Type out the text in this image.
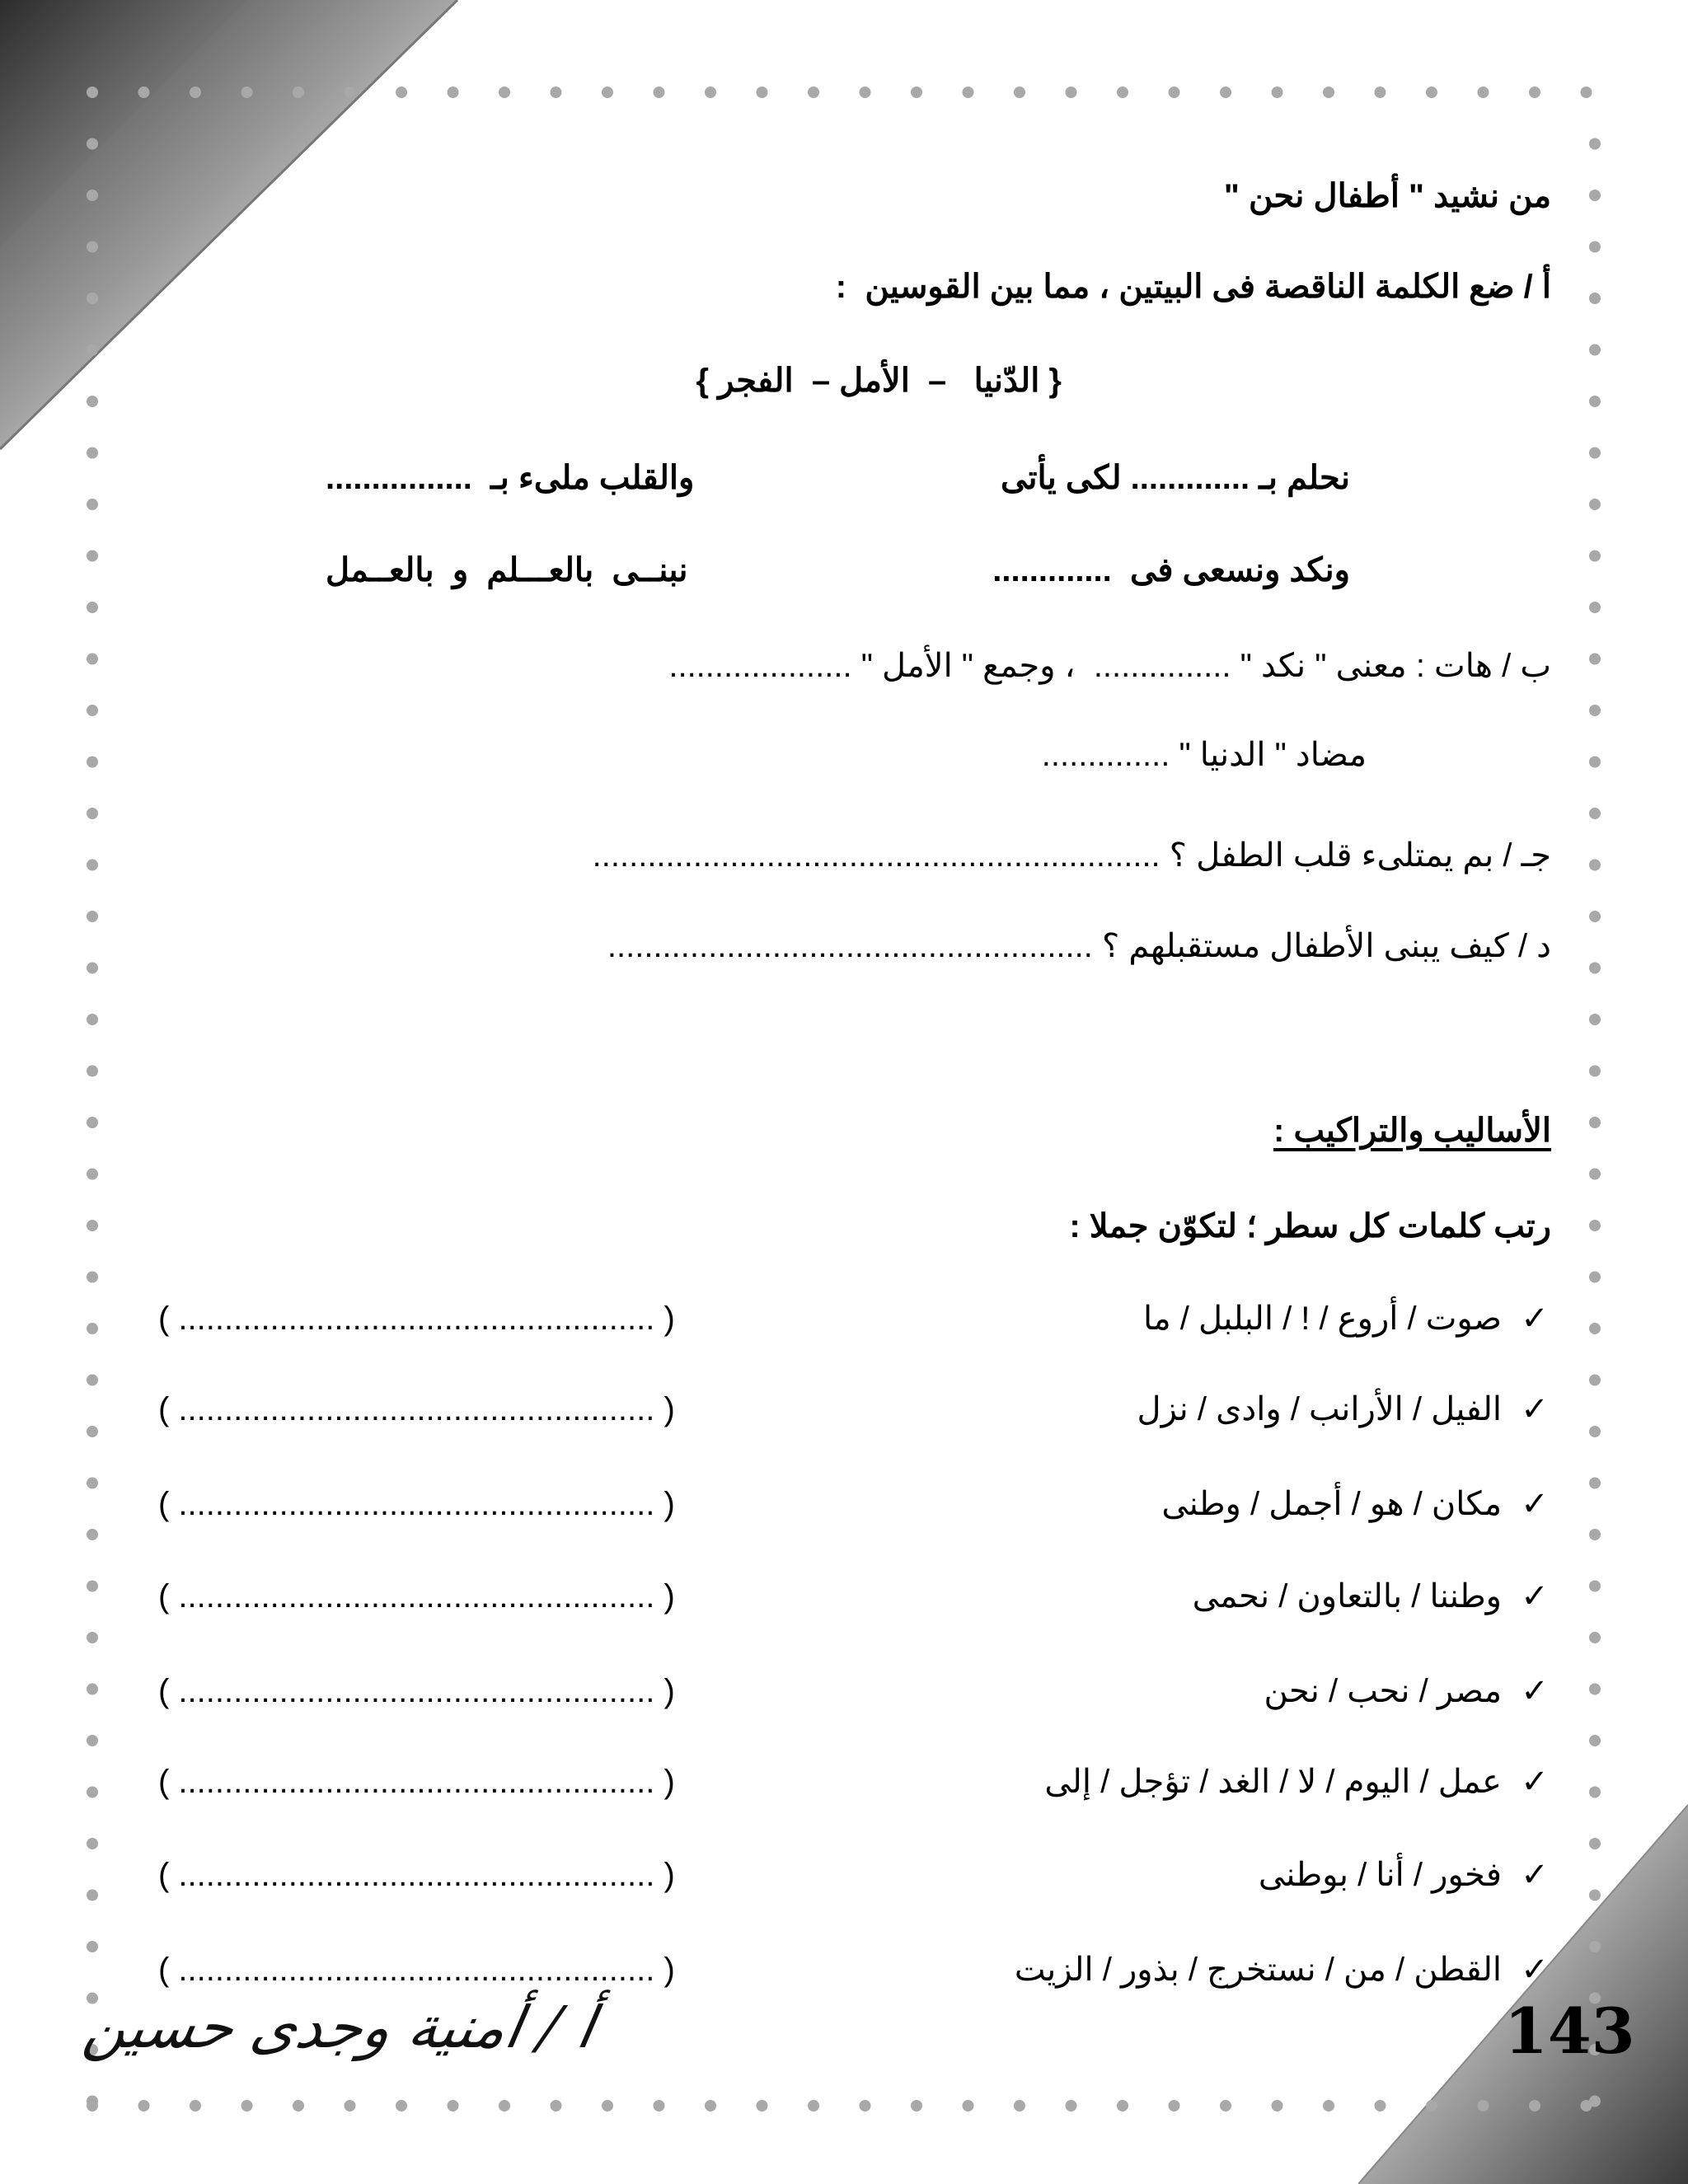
من نشيد " أطفال نحن "
أ / ضع الكلمة الناقصة فى البيتين ، مما بين القوسين  :
{ الدّنيا   –  الأمل –  الفجر }
نحلم بـ ............. لكى يأتى
والقلب ملىء بـ  ................
ونكد ونسعى فى  .............
نبنــى  بالعـــلم  و  بالعــمل
ب / هات : معنى " نكد " ...............  ، وجمع " الأمل " ....................
مضاد " الدنيا " ..............
جـ / بم يمتلىء قلب الطفل ؟ ..............................................................
د / كيف يبنى الأطفال مستقبلهم ؟ .....................................................
الأساليب والتراكيب :
رتب كلمات كل سطر ؛ لتكوّن جملا :
✓
صوت / أروع / ! / البلبل / ما
( .................................................... )
✓
الفيل / الأرانب / وادى / نزل
( .................................................... )
✓
مكان / هو / أجمل / وطنى
( .................................................... )
✓
وطننا / بالتعاون / نحمى
( .................................................... )
✓
مصر / نحب / نحن
( .................................................... )
✓
عمل / اليوم / لا / الغد / تؤجل / إلى
( .................................................... )
✓
فخور / أنا / بوطنى
( .................................................... )
✓
القطن / من / نستخرج / بذور / الزيت
( .................................................... )
143
أ / أمنية وجدى حسين
